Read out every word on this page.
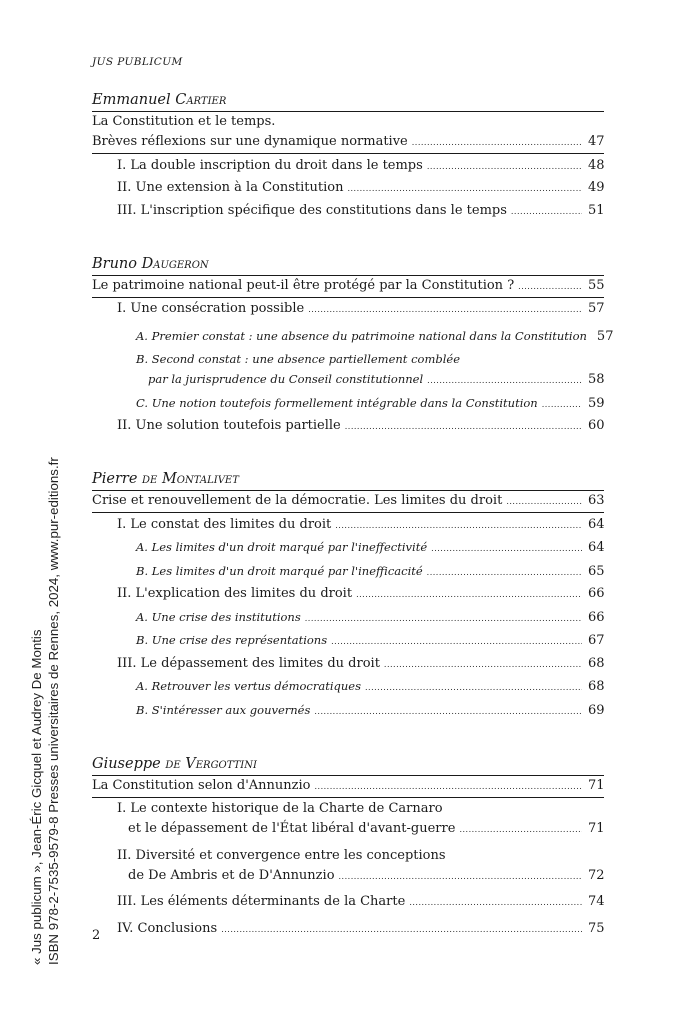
JUS PUBLICUM
Emmanuel Cartier
La Constitution et le temps.
Brèves réflexions sur une dynamique normative .....	47
I. La double inscription du droit dans le temps .....	48
II. Une extension à la Constitution .....	49
III. L'inscription spécifique des constitutions dans le temps .....	51
Bruno Daugeron
Le patrimoine national peut-il être protégé par la Constitution ? .....	55
I. Une consécration possible .....	57
A. Premier constat : une absence du patrimoine national dans la Constitution 57
B. Second constat : une absence partiellement comblée
par la jurisprudence du Conseil constitutionnel .....	58
C. Une notion toutefois formellement intégrable dans la Constitution .....	59
II. Une solution toutefois partielle .....	60
Pierre de Montalivet
Crise et renouvellement de la démocratie. Les limites du droit .....	63
I. Le constat des limites du droit .....	64
A. Les limites d'un droit marqué par l'ineffectivité .....	64
B. Les limites d'un droit marqué par l'inefficacité .....	65
II. L'explication des limites du droit .....	66
A. Une crise des institutions .....	66
B. Une crise des représentations .....	67
III. Le dépassement des limites du droit .....	68
A. Retrouver les vertus démocratiques .....	68
B. S'intéresser aux gouvernés .....	69
Giuseppe de Vergottini
La Constitution selon d'Annunzio .....	71
I. Le contexte historique de la Charte de Carnaro
et le dépassement de l'État libéral d'avant-guerre .....	71
II. Diversité et convergence entre les conceptions
de De Ambris et de D'Annunzio .....	72
III. Les éléments déterminants de la Charte .....	74
IV. Conclusions .....	75
2
« Jus publicum », Jean-Éric Gicquel et Audrey De Montis ISBN 978-2-7535-9579-8 Presses universitaires de Rennes, 2024, www.pur-editions.fr
